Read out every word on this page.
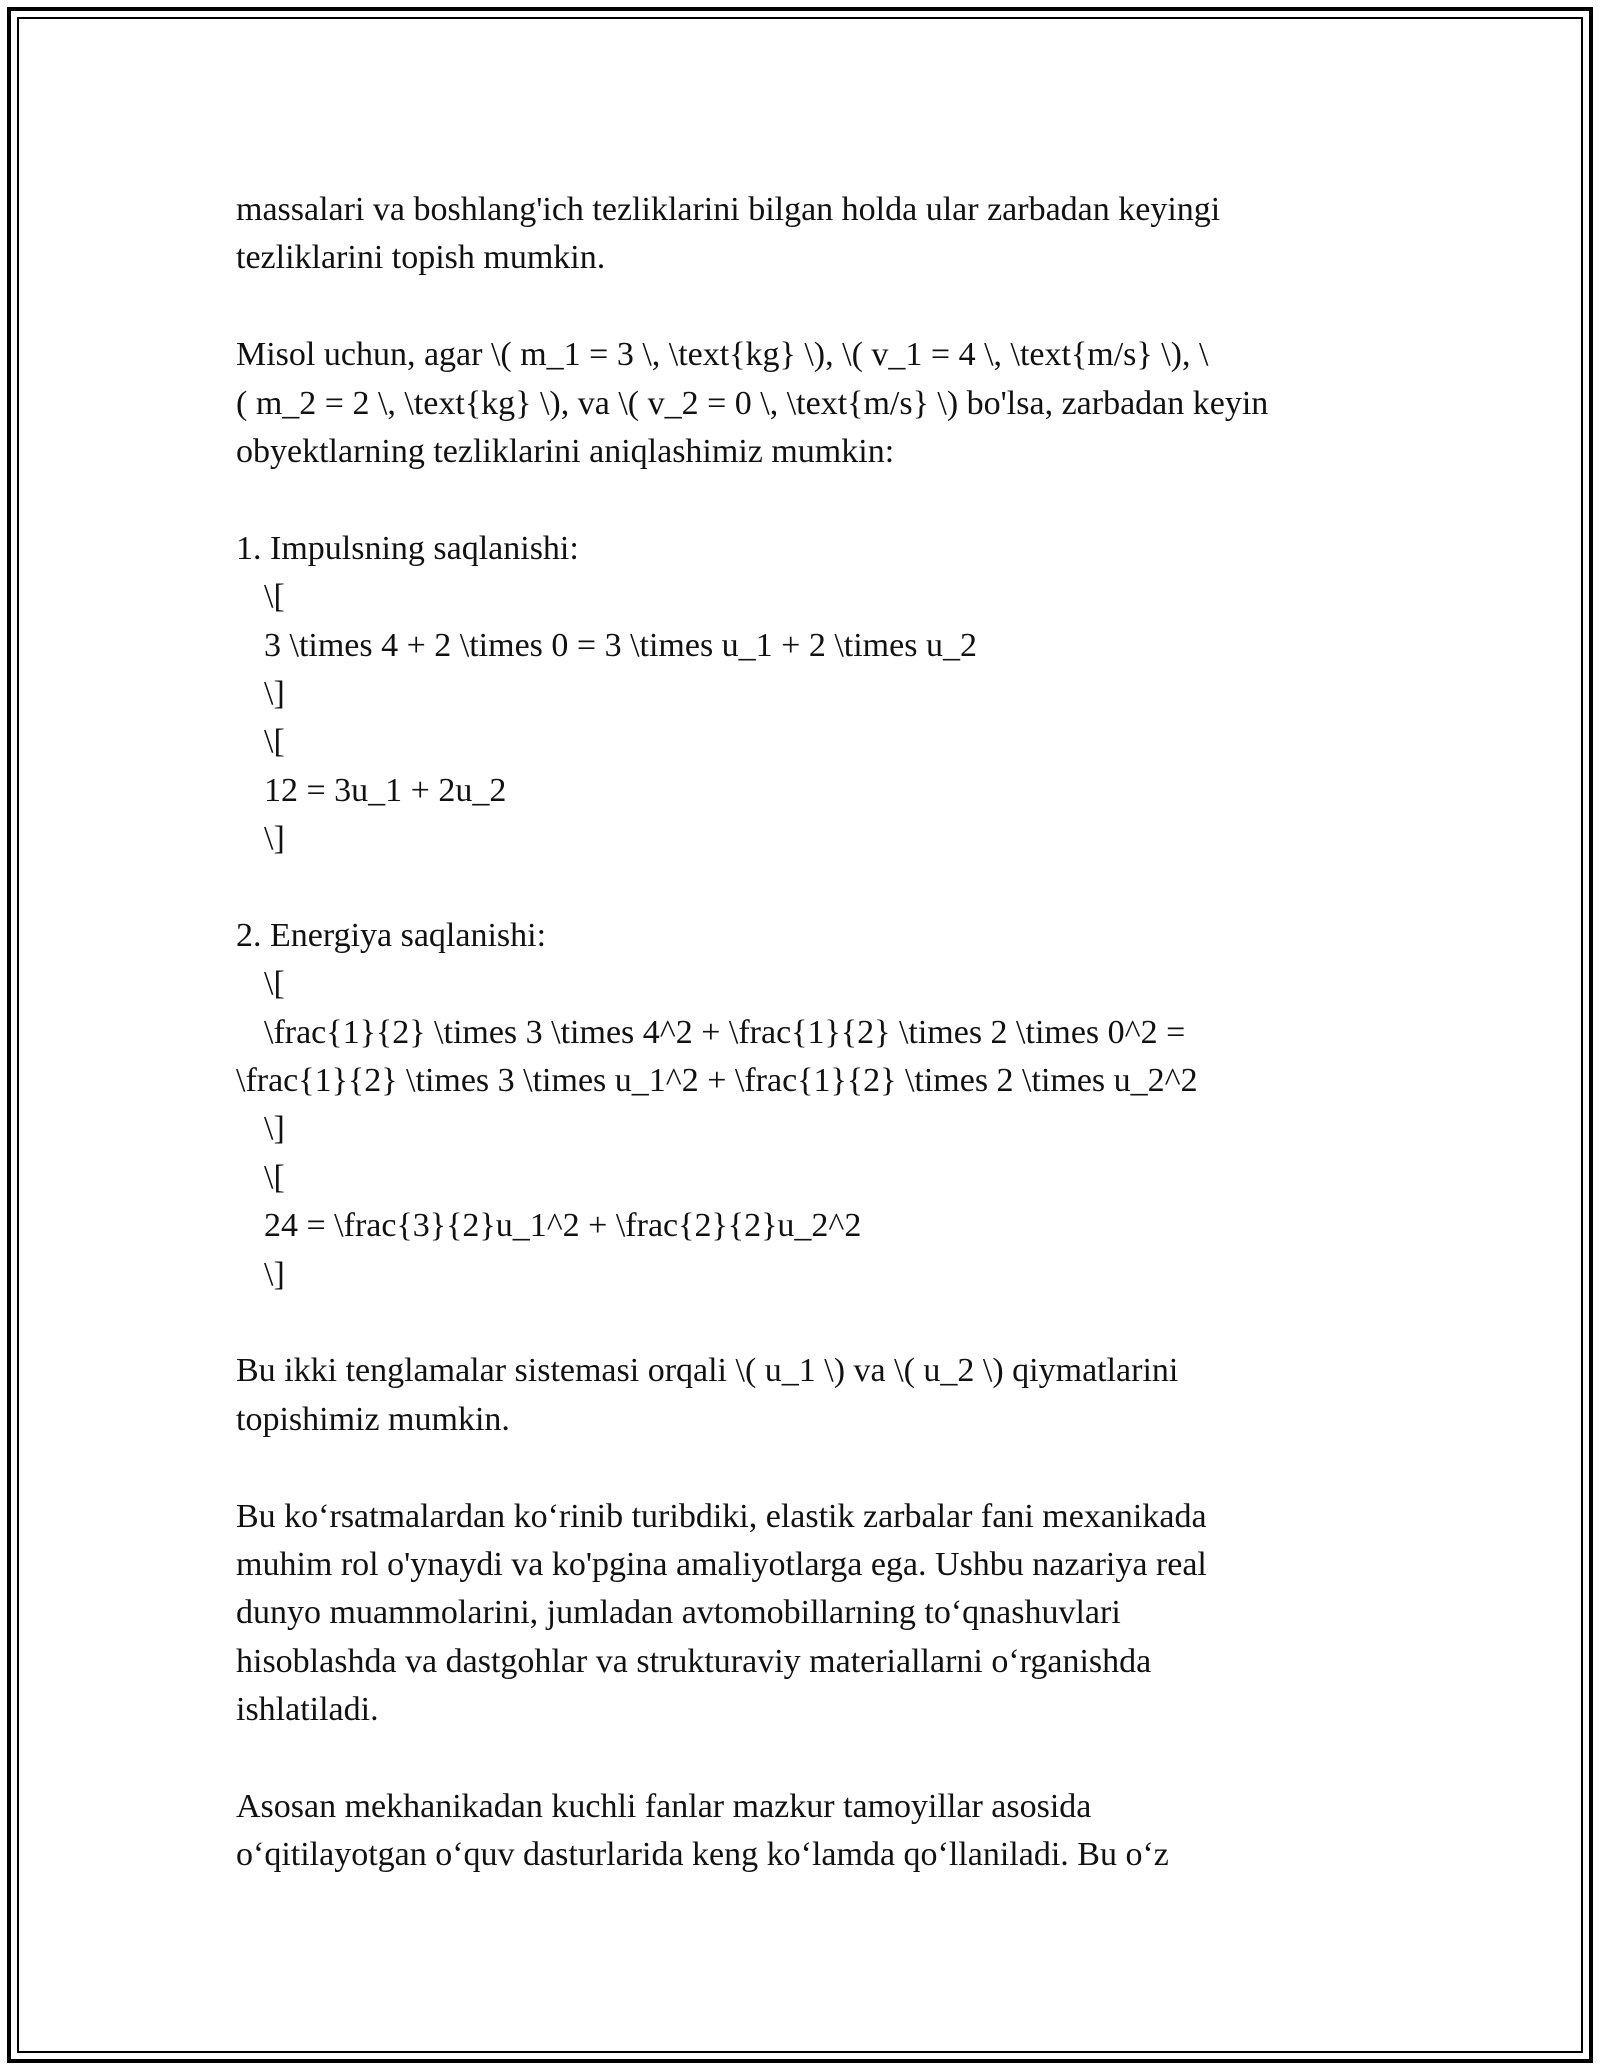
massalari va boshlang'ich tezliklarini bilgan holda ular zarbadan keyingi
tezliklarini topish mumkin.
Misol uchun, agar \( m_1 = 3 \, \text{kg} \), \( v_1 = 4 \, \text{m/s} \), \
( m_2 = 2 \, \text{kg} \), va \( v_2 = 0 \, \text{m/s} \) bo'lsa, zarbadan keyin
obyektlarning tezliklarini aniqlashimiz mumkin:
1. Impulsning saqlanishi:
\[
3 \times 4 + 2 \times 0 = 3 \times u_1 + 2 \times u_2
\]
\[
12 = 3u_1 + 2u_2
\]
2. Energiya saqlanishi:
\[
\frac{1}{2} \times 3 \times 4^2 + \frac{1}{2} \times 2 \times 0^2 =
\frac{1}{2} \times 3 \times u_1^2 + \frac{1}{2} \times 2 \times u_2^2
\]
\[
24 = \frac{3}{2}u_1^2 + \frac{2}{2}u_2^2
\]
Bu ikki tenglamalar sistemasi orqali \( u_1 \) va \( u_2 \) qiymatlarini
topishimiz mumkin.
Bu koʻrsatmalardan koʻrinib turibdiki, elastik zarbalar fani mexanikada
muhim rol o'ynaydi va ko'pgina amaliyotlarga ega. Ushbu nazariya real
dunyo muammolarini, jumladan avtomobillarning toʻqnashuvlari
hisoblashda va dastgohlar va strukturaviy materiallarni oʻrganishda
ishlatiladi.
Asosan mekhanikadan kuchli fanlar mazkur tamoyillar asosida
oʻqitilayotgan oʻquv dasturlarida keng koʻlamda qoʻllaniladi. Bu oʻz
